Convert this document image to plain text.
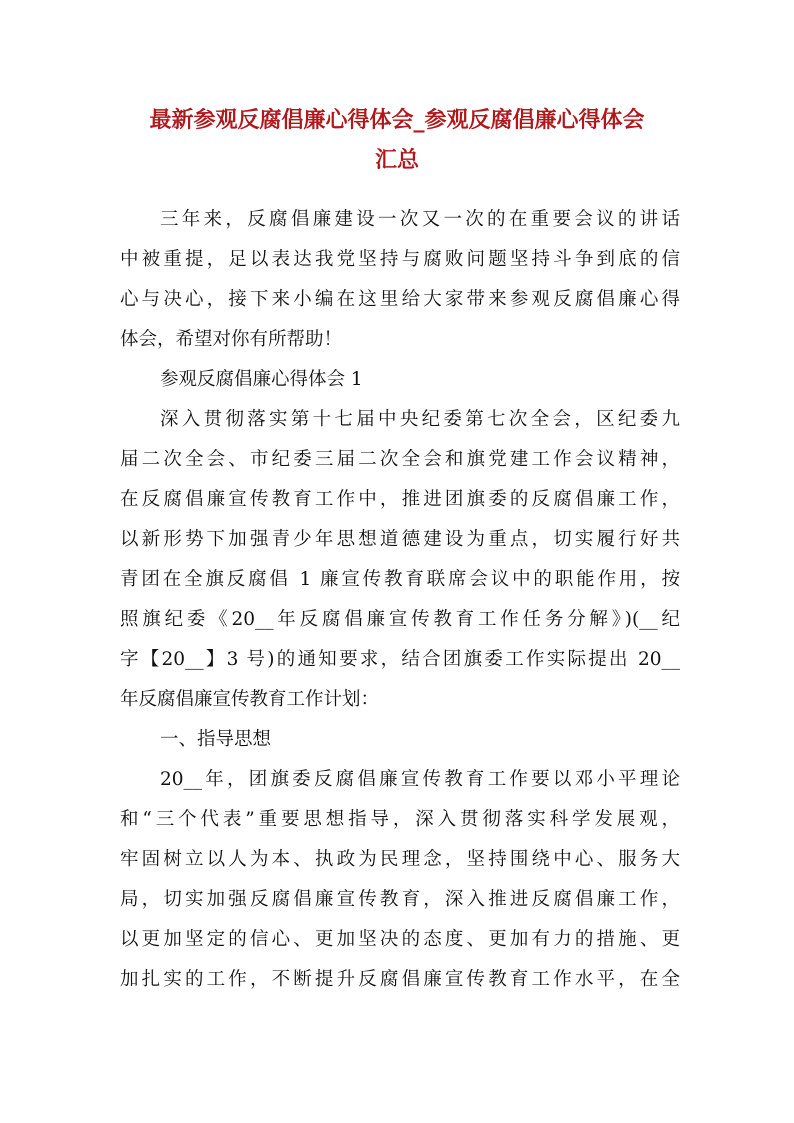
最新参观反腐倡廉心得体会_参观反腐倡廉心得体会
汇总
三年来，反腐倡廉建设一次又一次的在重要会议的讲话
中被重提，足以表达我党坚持与腐败问题坚持斗争到底的信
心与决心，接下来小编在这里给大家带来参观反腐倡廉心得
体会，希望对你有所帮助！
参观反腐倡廉心得体会 1
深入贯彻落实第十七届中央纪委第七次全会，区纪委九
届二次全会、市纪委三届二次全会和旗党建工作会议精神，
在反腐倡廉宣传教育工作中，推进团旗委的反腐倡廉工作，
以新形势下加强青少年思想道德建设为重点，切实履行好共
青团在全旗反腐倡 1 廉宣传教育联席会议中的职能作用，按
照旗纪委《20__年反腐倡廉宣传教育工作任务分解》)(__纪
字【20__】3 号)的通知要求，结合团旗委工作实际提出 20__
年反腐倡廉宣传教育工作计划：
一、指导思想
20__年，团旗委反腐倡廉宣传教育工作要以邓小平理论
和“三个代表”重要思想指导，深入贯彻落实科学发展观，
牢固树立以人为本、执政为民理念，坚持围绕中心、服务大
局，切实加强反腐倡廉宣传教育，深入推进反腐倡廉工作，
以更加坚定的信心、更加坚决的态度、更加有力的措施、更
加扎实的工作，不断提升反腐倡廉宣传教育工作水平，在全
